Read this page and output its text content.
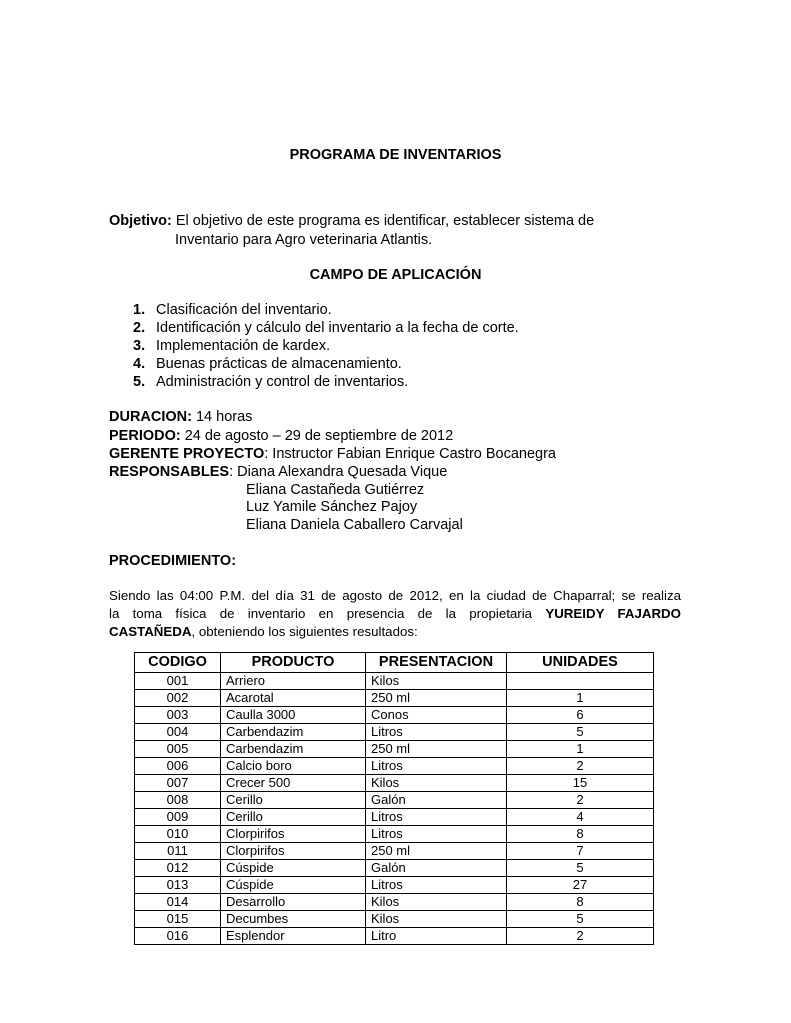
PROGRAMA DE INVENTARIOS
Objetivo: El objetivo de este programa es identificar, establecer sistema de
Inventario para Agro veterinaria Atlantis.
CAMPO DE APLICACIÓN
1. Clasificación del inventario.
2. Identificación y cálculo del inventario a la fecha de corte.
3. Implementación de kardex.
4. Buenas prácticas de almacenamiento.
5. Administración y control de inventarios.
DURACION: 14 horas
PERIODO: 24 de agosto – 29 de septiembre de 2012
GERENTE PROYECTO: Instructor Fabian Enrique Castro Bocanegra
RESPONSABLES: Diana Alexandra Quesada Vique
Eliana Castañeda Gutiérrez
Luz Yamile Sánchez Pajoy
Eliana Daniela Caballero Carvajal
PROCEDIMIENTO:
Siendo las 04:00 P.M. del día 31 de agosto de 2012, en la ciudad de Chaparral; se realiza
la toma física de inventario en presencia de la propietaria YUREIDY FAJARDO
CASTAÑEDA, obteniendo los siguientes resultados:
CODIGO	PRODUCTO	PRESENTACION	UNIDADES
001	Arriero	Kilos	
002	Acarotal	250 ml	1
003	Caulla 3000	Conos	6
004	Carbendazim	Litros	5
005	Carbendazim	250 ml	1
006	Calcio boro	Litros	2
007	Crecer 500	Kilos	15
008	Cerillo	Galón	2
009	Cerillo	Litros	4
010	Clorpirifos	Litros	8
011	Clorpirifos	250 ml	7
012	Cúspide	Galón	5
013	Cúspide	Litros	27
014	Desarrollo	Kilos	8
015	Decumbes	Kilos	5
016	Esplendor	Litro	2
